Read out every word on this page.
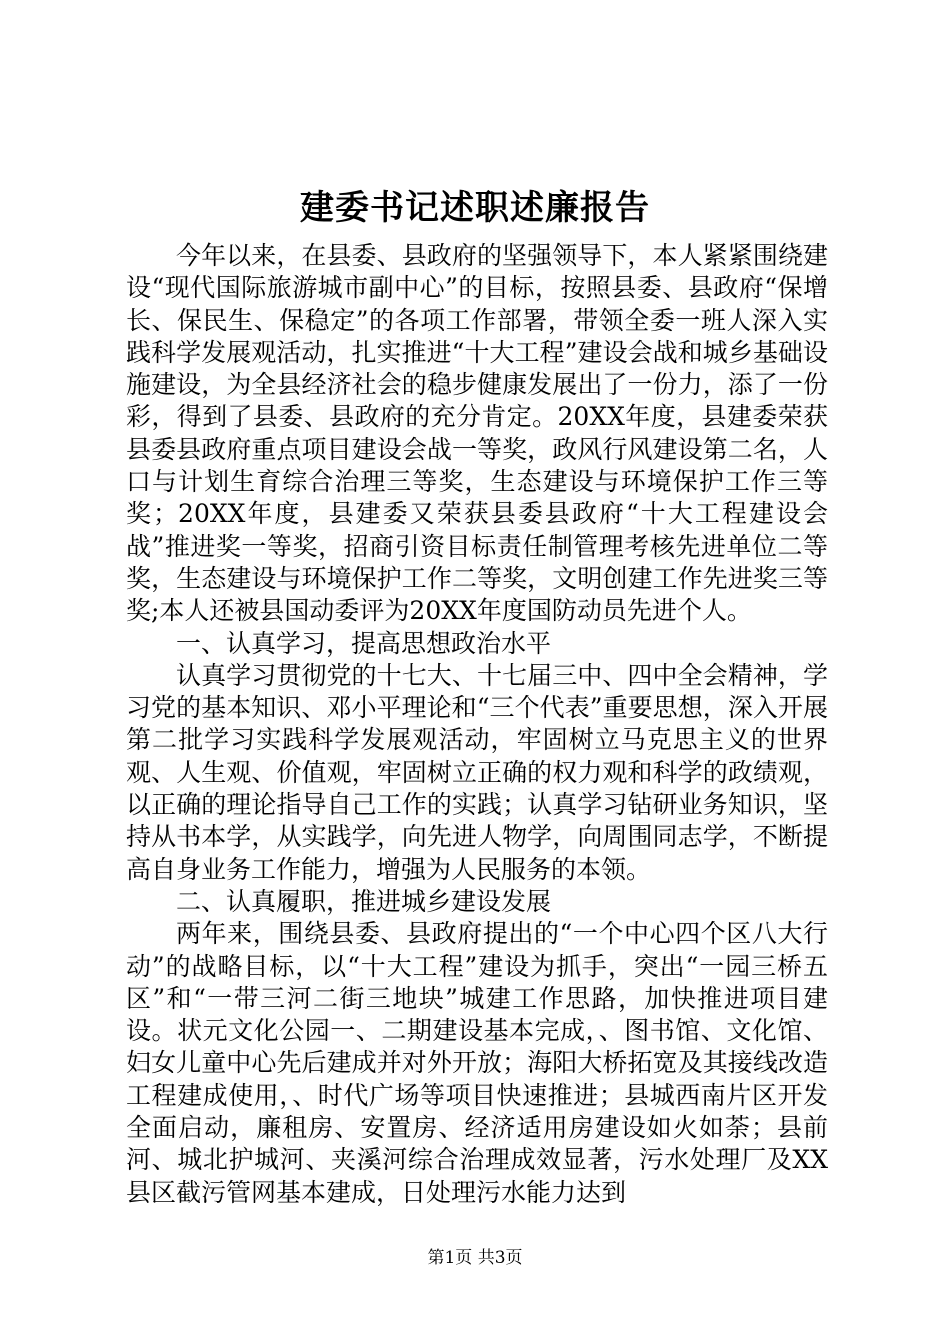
建委书记述职述廉报告

今年以来，在县委、县政府的坚强领导下，本人紧紧围绕建设“现代国际旅游城市副中心”的目标，按照县委、县政府“保增长、保民生、保稳定”的各项工作部署，带领全委一班人深入实践科学发展观活动，扎实推进“十大工程”建设会战和城乡基础设施建设，为全县经济社会的稳步健康发展出了一份力，添了一份彩，得到了县委、县政府的充分肯定。20XX年度，县建委荣获县委县政府重点项目建设会战一等奖，政风行风建设第二名，人口与计划生育综合治理三等奖，生态建设与环境保护工作三等奖；20XX年度，县建委又荣获县委县政府“十大工程建设会战”推进奖一等奖，招商引资目标责任制管理考核先进单位二等奖，生态建设与环境保护工作二等奖，文明创建工作先进奖三等奖;本人还被县国动委评为20XX年度国防动员先进个人。

一、认真学习，提高思想政治水平

认真学习贯彻党的十七大、十七届三中、四中全会精神，学习党的基本知识、邓小平理论和“三个代表”重要思想，深入开展第二批学习实践科学发展观活动，牢固树立马克思主义的世界观、人生观、价值观，牢固树立正确的权力观和科学的政绩观，以正确的理论指导自己工作的实践；认真学习钻研业务知识，坚持从书本学，从实践学，向先进人物学，向周围同志学，不断提高自身业务工作能力，增强为人民服务的本领。

二、认真履职，推进城乡建设发展

两年来，围绕县委、县政府提出的“一个中心四个区八大行动”的战略目标，以“十大工程”建设为抓手，突出“一园三桥五区”和“一带三河二街三地块”城建工作思路，加快推进项目建设。状元文化公园一、二期建设基本完成，、图书馆、文化馆、妇女儿童中心先后建成并对外开放；海阳大桥拓宽及其接线改造工程建成使用，、时代广场等项目快速推进；县城西南片区开发全面启动，廉租房、安置房、经济适用房建设如火如荼；县前河、城北护城河、夹溪河综合治理成效显著，污水处理厂及XX县区截污管网基本建成，日处理污水能力达到

第1页 共3页
